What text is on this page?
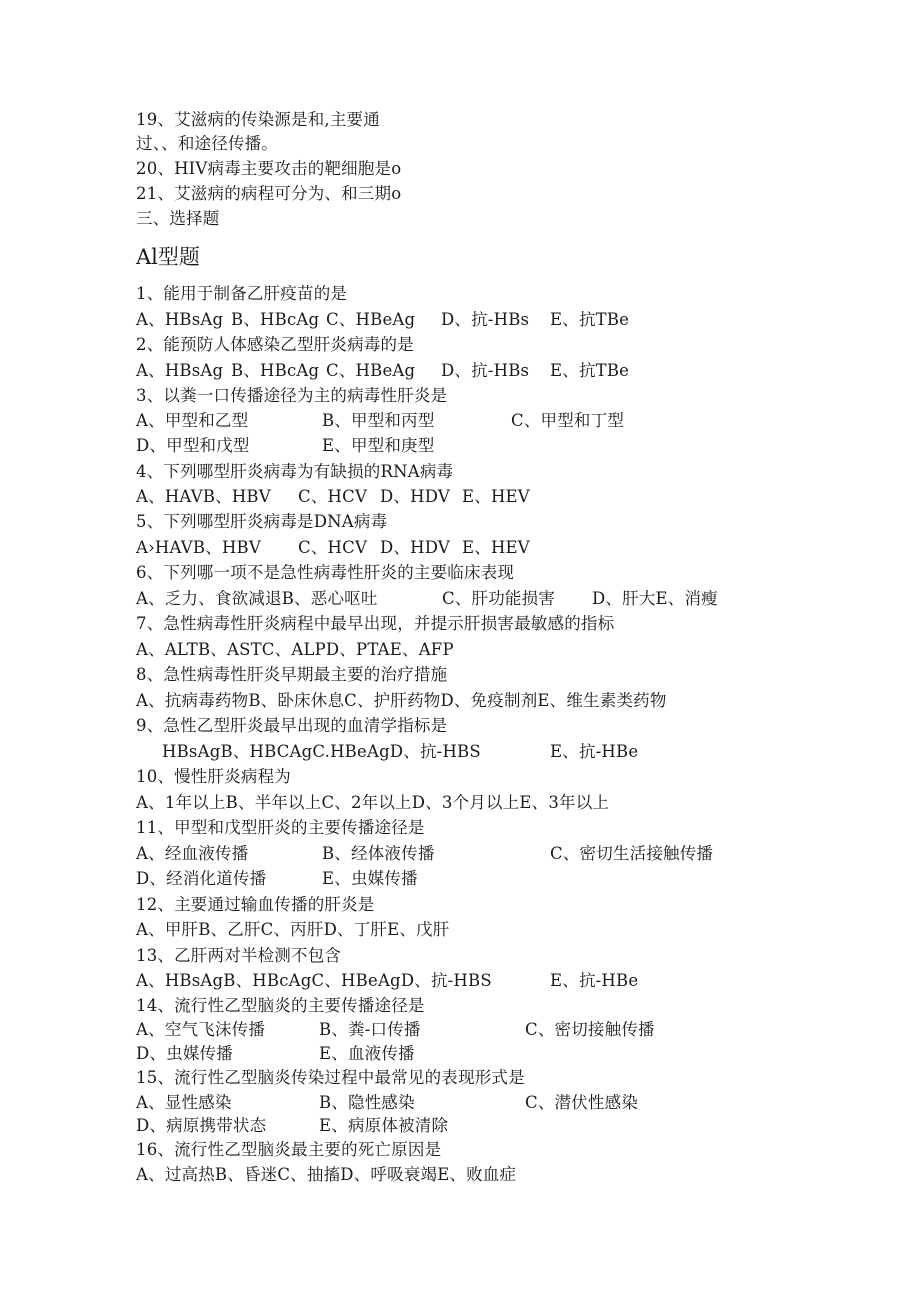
19、艾滋病的传染源是和,主要通
过、、和途径传播。
20、HIV病毒主要攻击的靶细胞是o
21、艾滋病的病程可分为、和三期o
三、选择题
Al型题
1、能用于制备乙肝疫苗的是

A、HBsAg

B、HBcAg

C、HBeAg

D、抗-HBs

E、抗TBe

2、能预防人体感染乙型肝炎病毒的是

A、HBsAg

B、HBcAg

C、HBeAg

D、抗-HBs

E、抗TBe

3、以粪一口传播途径为主的病毒性肝炎是

A、甲型和乙型

	B、甲型和丙型

	C、甲型和丁型

D、甲型和戊型

	E、甲型和庚型

4、下列哪型肝炎病毒为有缺损的RNA病毒

A、HAVB、HBV

C、HCV

D、HDV

E、HEV

5、下列哪型肝炎病毒是DNA病毒

A›HAVB、HBV

C、HCV

D、HDV

E、HEV

6、下列哪一项不是急性病毒性肝炎的主要临床表现

A、乏力、食欲减退B、恶心呕吐

	C、肝功能损害

D、肝大E、消瘦

7、急性病毒性肝炎病程中最早出现，并提示肝损害最敏感的指标
A、ALTB、ASTC、ALPD、PTAE、AFP
8、急性病毒性肝炎早期最主要的治疗措施
A、抗病毒药物B、卧床休息C、护肝药物D、免疫制剂E、维生素类药物
9、急性乙型肝炎最早出现的血清学指标是

HBsAgB、HBCAgC.HBeAgD、抗-HBS

	E、抗-HBe

10、慢性肝炎病程为
A、1年以上B、半年以上C、2年以上D、3个月以上E、3年以上
11、甲型和戊型肝炎的主要传播途径是

A、经血液传播

	B、经体液传播

	C、密切生活接触传播

D、经消化道传播

	E、虫媒传播

12、主要通过输血传播的肝炎是
A、甲肝B、乙肝C、丙肝D、丁肝E、戊肝
13、乙肝两对半检测不包含

A、HBsAgB、HBcAgC、HBeAgD、抗-HBS

	E、抗-HBe

14、流行性乙型脑炎的主要传播途径是

A、空气飞沫传播

	B、粪-口传播

	C、密切接触传播

D、虫媒传播

	E、血液传播

15、流行性乙型脑炎传染过程中最常见的表现形式是

A、显性感染

	B、隐性感染

	C、潜伏性感染

D、病原携带状态

	E、病原体被清除

16、流行性乙型脑炎最主要的死亡原因是
A、过高热B、昏迷C、抽搐D、呼吸衰竭E、败血症
